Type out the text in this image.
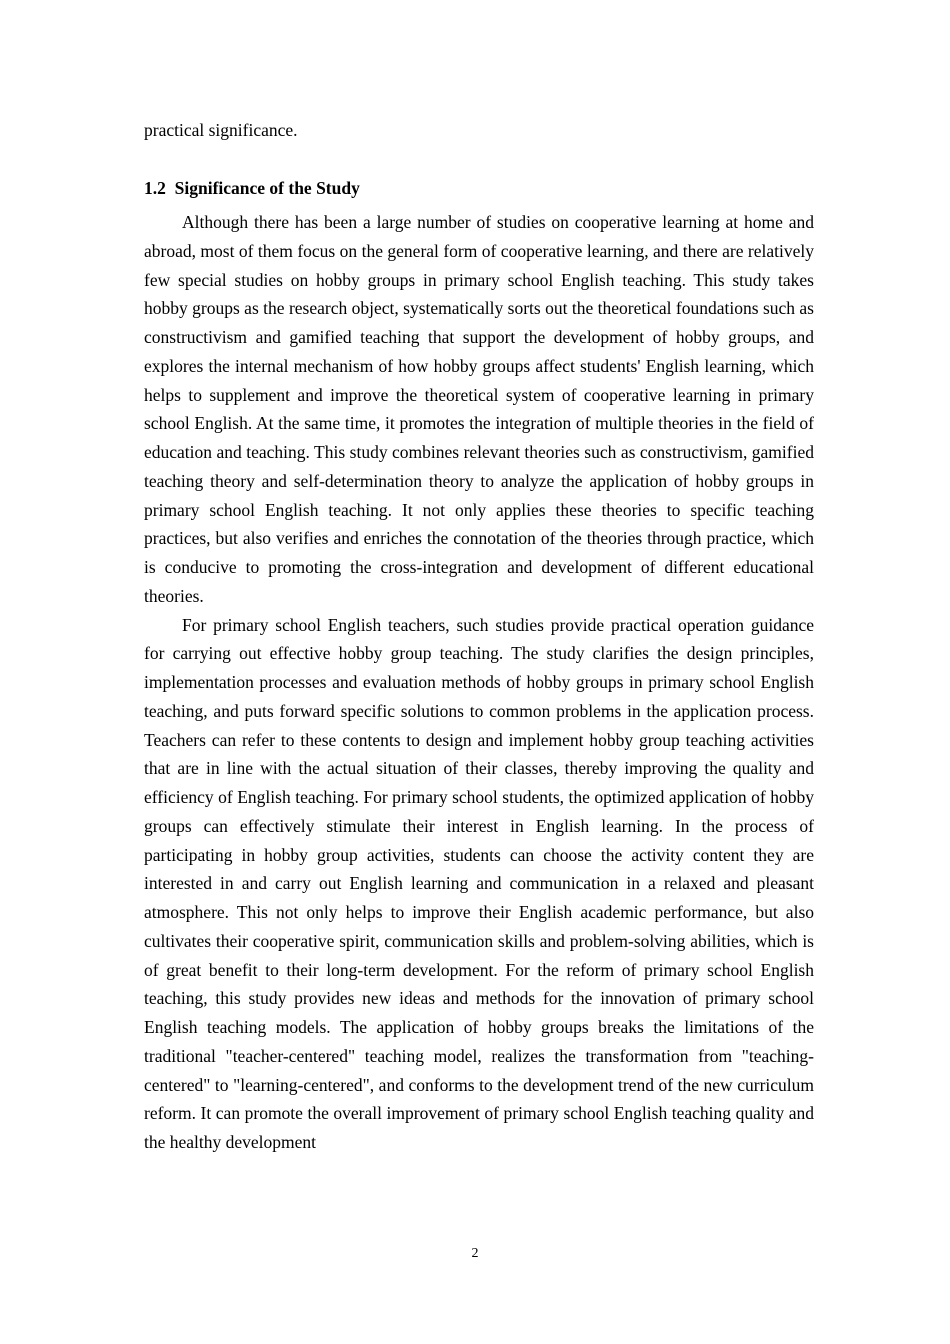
practical significance.

1.2 Significance of the Study

Although there has been a large number of studies on cooperative learning at home and abroad, most of them focus on the general form of cooperative learning, and there are relatively few special studies on hobby groups in primary school English teaching. This study takes hobby groups as the research object, systematically sorts out the theoretical foundations such as constructivism and gamified teaching that support the development of hobby groups, and explores the internal mechanism of how hobby groups affect students' English learning, which helps to supplement and improve the theoretical system of cooperative learning in primary school English. At the same time, it promotes the integration of multiple theories in the field of education and teaching. This study combines relevant theories such as constructivism, gamified teaching theory and self-determination theory to analyze the application of hobby groups in primary school English teaching. It not only applies these theories to specific teaching practices, but also verifies and enriches the connotation of the theories through practice, which is conducive to promoting the cross-integration and development of different educational theories.

For primary school English teachers, such studies provide practical operation guidance for carrying out effective hobby group teaching. The study clarifies the design principles, implementation processes and evaluation methods of hobby groups in primary school English teaching, and puts forward specific solutions to common problems in the application process. Teachers can refer to these contents to design and implement hobby group teaching activities that are in line with the actual situation of their classes, thereby improving the quality and efficiency of English teaching. For primary school students, the optimized application of hobby groups can effectively stimulate their interest in English learning. In the process of participating in hobby group activities, students can choose the activity content they are interested in and carry out English learning and communication in a relaxed and pleasant atmosphere. This not only helps to improve their English academic performance, but also cultivates their cooperative spirit, communication skills and problem-solving abilities, which is of great benefit to their long-term development. For the reform of primary school English teaching, this study provides new ideas and methods for the innovation of primary school English teaching models. The application of hobby groups breaks the limitations of the traditional "teacher-centered" teaching model, realizes the transformation from "teaching-centered" to "learning-centered", and conforms to the development trend of the new curriculum reform. It can promote the overall improvement of primary school English teaching quality and the healthy development

2
